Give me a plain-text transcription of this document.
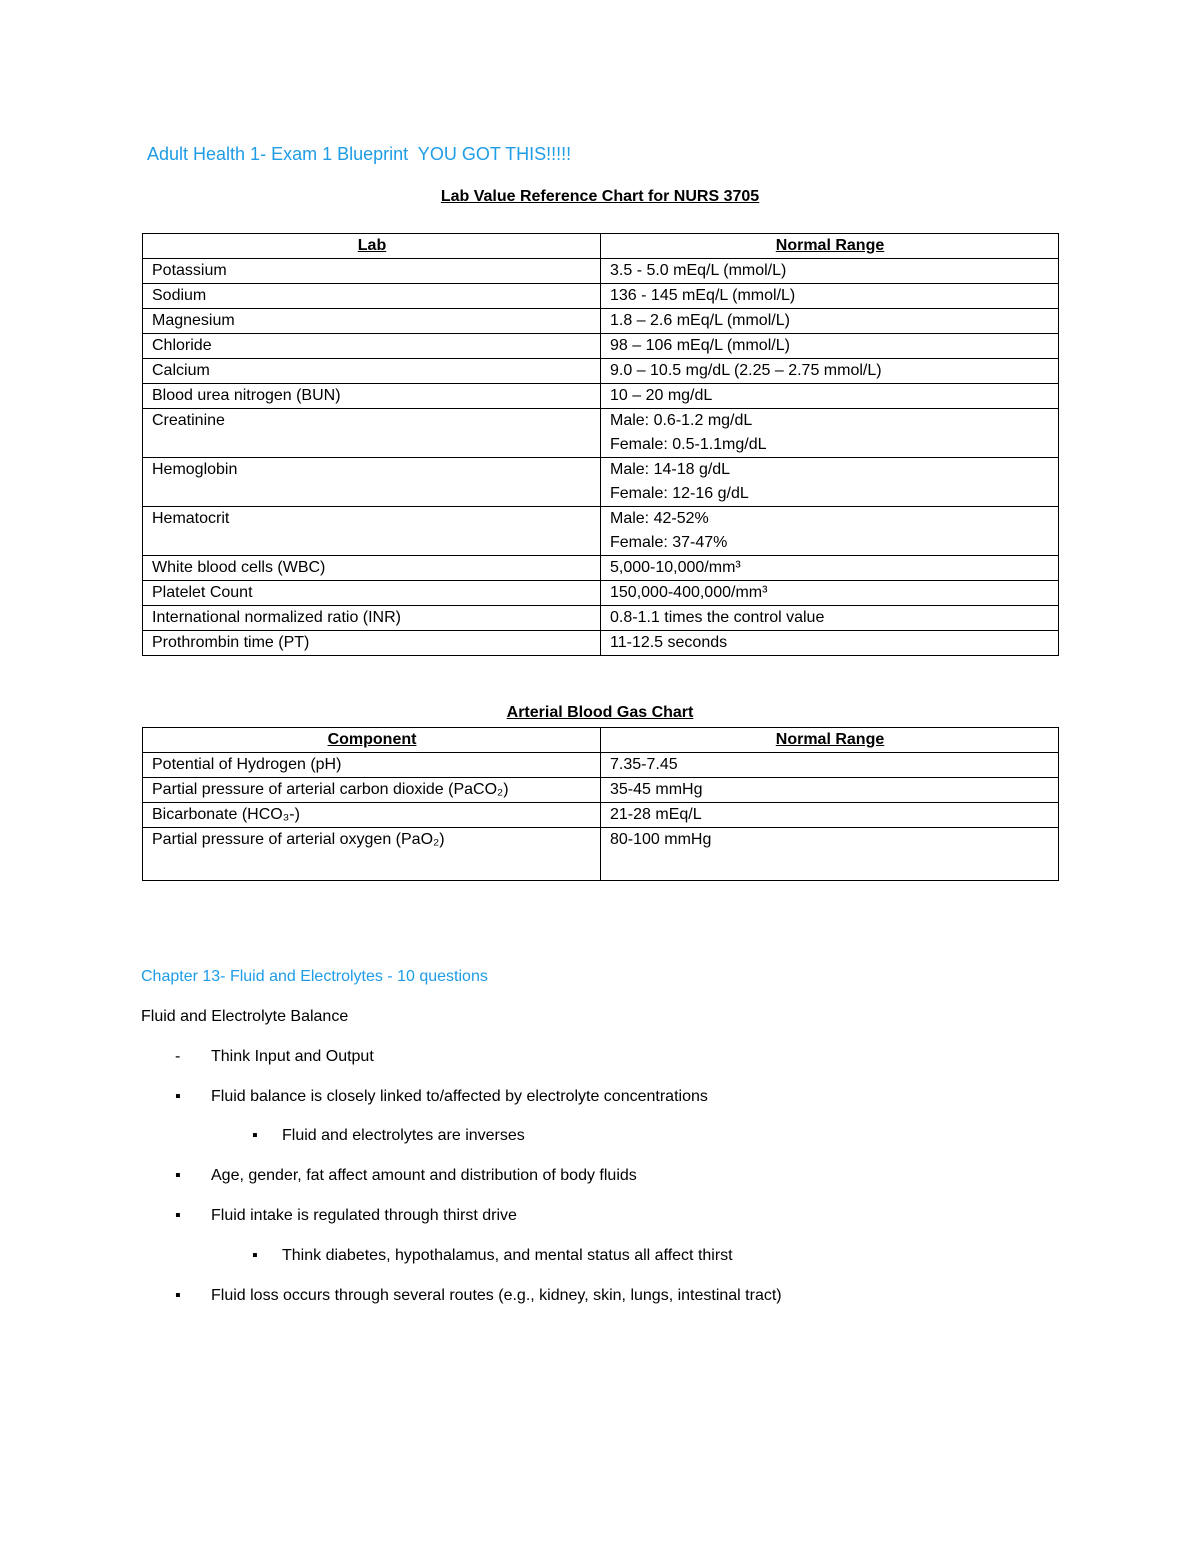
Adult Health 1- Exam 1 Blueprint  YOU GOT THIS!!!!!
Lab Value Reference Chart for NURS 3705
Lab	Normal Range
Potassium	3.5 - 5.0 mEq/L (mmol/L)
Sodium	136 - 145 mEq/L (mmol/L)
Magnesium	1.8 – 2.6 mEq/L (mmol/L)
Chloride	98 – 106 mEq/L (mmol/L)
Calcium	9.0 – 10.5 mg/dL (2.25 – 2.75 mmol/L)
Blood urea nitrogen (BUN)	10 – 20 mg/dL
Creatinine	Male: 0.6-1.2 mg/dL
Female: 0.5-1.1mg/dL

Hemoglobin	Male: 14-18 g/dL
Female: 12-16 g/dL

Hematocrit	Male: 42-52%
Female: 37-47%

White blood cells (WBC)	5,000-10,000/mm³
Platelet Count	150,000-400,000/mm³
International normalized ratio (INR)	0.8-1.1 times the control value
Prothrombin time (PT)	11-12.5 seconds
Arterial Blood Gas Chart
Component	Normal Range
Potential of Hydrogen (pH)	7.35-7.45
Partial pressure of arterial carbon dioxide (PaCO₂)	35-45 mmHg
Bicarbonate (HCO₃-)	21-28 mEq/L
Partial pressure of arterial oxygen (PaO₂)	80-100 mmHg
Chapter 13- Fluid and Electrolytes - 10 questions
Fluid and Electrolyte Balance
- Think Input and Output
▪ Fluid balance is closely linked to/affected by electrolyte concentrations
▪ Fluid and electrolytes are inverses
▪ Age, gender, fat affect amount and distribution of body fluids
▪ Fluid intake is regulated through thirst drive
▪ Think diabetes, hypothalamus, and mental status all affect thirst
▪ Fluid loss occurs through several routes (e.g., kidney, skin, lungs, intestinal tract)
